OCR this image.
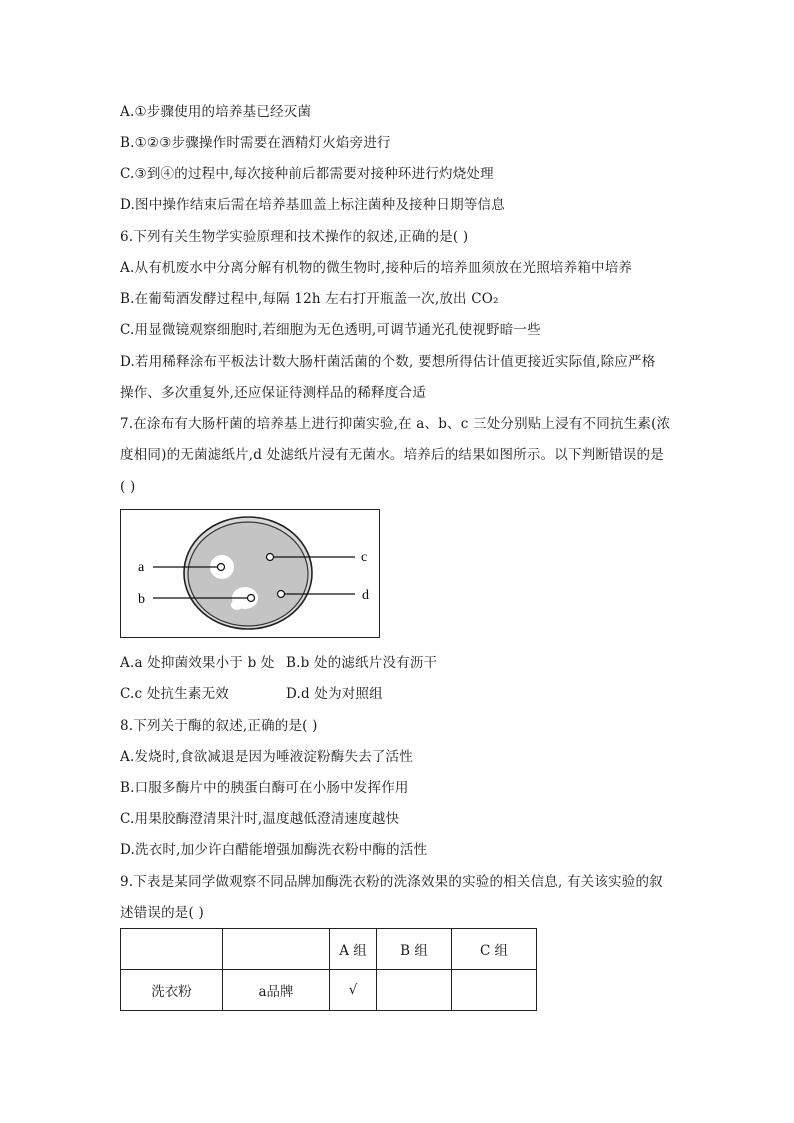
A.①步骤使用的培养基已经灭菌
B.①②③步骤操作时需要在酒精灯火焰旁进行
C.③到④的过程中,每次接种前后都需要对接种环进行灼烧处理
D.图中操作结束后需在培养基皿盖上标注菌种及接种日期等信息
6.下列有关生物学实验原理和技术操作的叙述,正确的是( )
A.从有机废水中分离分解有机物的微生物时,接种后的培养皿须放在光照培养箱中培养
B.在葡萄酒发酵过程中,每隔 12h 左右打开瓶盖一次,放出 CO₂
C.用显微镜观察细胞时,若细胞为无色透明,可调节通光孔使视野暗一些
D.若用稀释涂布平板法计数大肠杆菌活菌的个数, 要想所得估计值更接近实际值,除应严格
操作、多次重复外,还应保证待测样品的稀释度合适
7.在涂布有大肠杆菌的培养基上进行抑菌实验,在 a、b、c 三处分别贴上浸有不同抗生素(浓
度相同)的无菌滤纸片,d 处滤纸片浸有无菌水。培养后的结果如图所示。以下判断错误的是
( )
a
b
c
d
A.a 处抑菌效果小于 b 处 B.b 处的滤纸片没有沥干
C.c 处抗生素无效	D.d 处为对照组
8.下列关于酶的叙述,正确的是( )
A.发烧时,食欲减退是因为唾液淀粉酶失去了活性
B.口服多酶片中的胰蛋白酶可在小肠中发挥作用
C.用果胶酶澄清果汁时,温度越低澄清速度越快
D.洗衣时,加少许白醋能增强加酶洗衣粉中酶的活性
9.下表是某同学做观察不同品牌加酶洗衣粉的洗涤效果的实验的相关信息, 有关该实验的叙
述错误的是( )
		A 组	B 组	C 组
洗衣粉	a品牌	√		
